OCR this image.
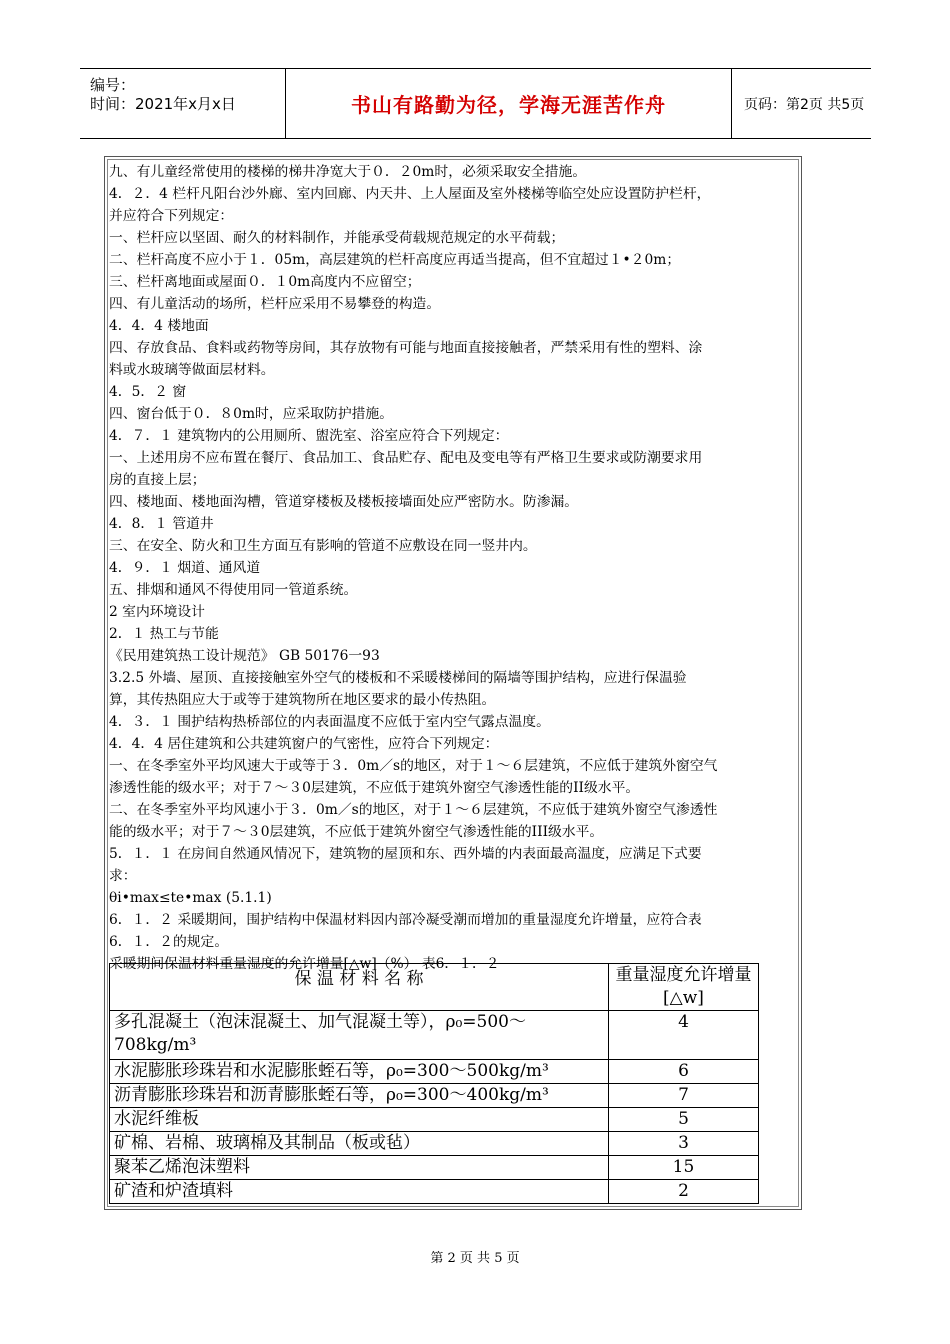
编号：
时间：2021年x月x日	书山有路勤为径，学海无涯苦作舟	页码：第2页 共5页
九、有儿童经常使用的楼梯的梯井净宽大于０．２0m时，必须采取安全措施。
4．２．4 栏杆凡阳台沙外廊、室内回廊、内天井、上人屋面及室外楼梯等临空处应设置防护栏杆，
并应符合下列规定：
一、栏杆应以坚固、耐久的材料制作，并能承受荷载规范规定的水平荷载；
二、栏杆高度不应小于１．05m，高层建筑的栏杆高度应再适当提高，但不宜超过１•２0m；
三、栏杆离地面或屋面０．１0m高度内不应留空；
四、有儿童活动的场所，栏杆应采用不易攀登的构造。
4．4．4 楼地面
四、存放食品、食料或药物等房间，其存放物有可能与地面直接接触者，严禁采用有性的塑料、涂
料或水玻璃等做面层材料。
4．5．２ 窗
四、窗台低于０．８0m时，应采取防护措施。
4．７．１ 建筑物内的公用厕所、盥洗室、浴室应符合下列规定：
一、上述用房不应布置在餐厅、食品加工、食品贮存、配电及变电等有严格卫生要求或防潮要求用
房的直接上层；
四、楼地面、楼地面沟槽，管道穿楼板及楼板接墙面处应严密防水。防渗漏。
4．8．１ 管道井
三、在安全、防火和卫生方面互有影响的管道不应敷设在同一竖井内。
4．９．１ 烟道、通风道
五、排烟和通风不得使用同一管道系统。
2 室内环境设计
2．１ 热工与节能
《民用建筑热工设计规范》 GB 50176一93
3.2.5 外墙、屋顶、直接接触室外空气的楼板和不采暖楼梯间的隔墙等围护结构，应进行保温验
算，其传热阻应大于或等于建筑物所在地区要求的最小传热阻。
4．３．１ 围护结构热桥部位的内表面温度不应低于室内空气露点温度。
4．4．4 居住建筑和公共建筑窗户的气密性，应符合下列规定：
一、在冬季室外平均风速大于或等于３．0m／s的地区，对于１～６层建筑，不应低于建筑外窗空气
渗透性能的级水平；对于７～３0层建筑，不应低于建筑外窗空气渗透性能的II级水平。
二、在冬季室外平均风速小于３．0m／s的地区，对于１～６层建筑，不应低于建筑外窗空气渗透性
能的级水平；对于７～３0层建筑，不应低于建筑外窗空气渗透性能的III级水平。
5．１．１ 在房间自然通风情况下，建筑物的屋顶和东、西外墙的内表面最高温度，应满足下式要
求：
θi•max≤te•max (5.1.1)
6．１．２ 采暖期间，围护结构中保温材料因内部冷凝受潮而增加的重量湿度允许增量，应符合表
6．１．２的规定。
采暖期间保温材料重量湿度的允许增量[△w]（%） 表6．１．２
保 温 材 料 名 称	重量湿度允许增量[△w]
多孔混凝土（泡沫混凝土、加气混凝土等），ρ₀=500～708kg/m³	4
水泥膨胀珍珠岩和水泥膨胀蛭石等，ρ₀=300～500kg/m³	6
沥青膨胀珍珠岩和沥青膨胀蛭石等，ρ₀=300～400kg/m³	7
水泥纤维板	5
矿棉、岩棉、玻璃棉及其制品（板或毡）	3
聚苯乙烯泡沫塑料	15
矿渣和炉渣填料	2
第 2 页 共 5 页
